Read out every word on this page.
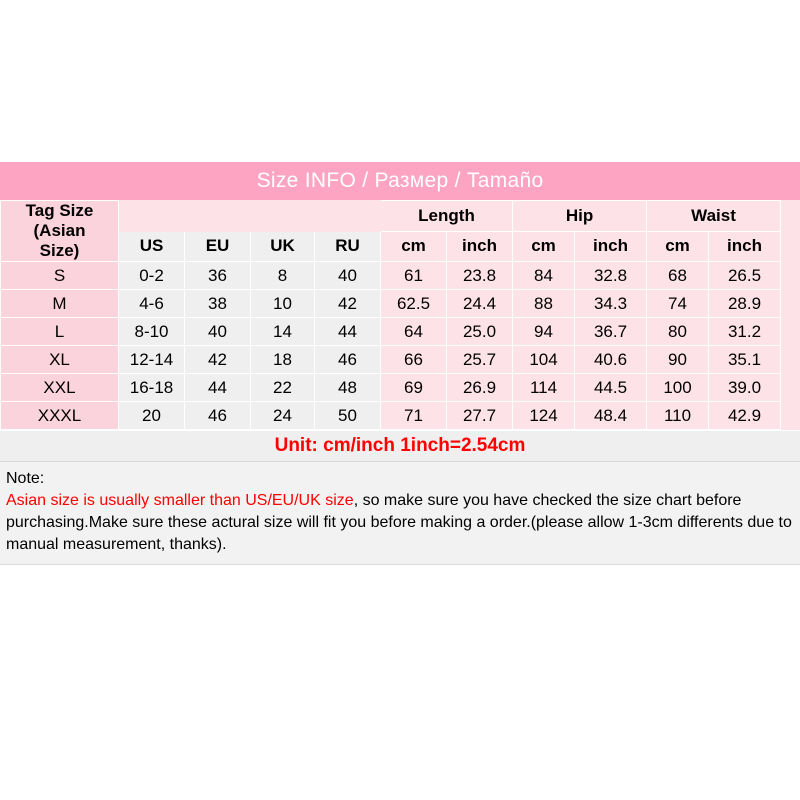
Size INFO / Размер / Tamaño
Tag Size
(Asian
Size)					Length		Hip		Waist		
	US	EU	UK	RU	cm	inch	cm	inch	cm	inch	
S	0-2	36	8	40	61	23.8	84	32.8	68	26.5	
M	4-6	38	10	42	62.5	24.4	88	34.3	74	28.9	
L	8-10	40	14	44	64	25.0	94	36.7	80	31.2	
XL	12-14	42	18	46	66	25.7	104	40.6	90	35.1	
XXL	16-18	44	22	48	69	26.9	114	44.5	100	39.0	
XXXL	20	46	24	50	71	27.7	124	48.4	110	42.9	
Unit: cm/inch 1inch=2.54cm
Note:
Asian size is usually smaller than US/EU/UK size, so make sure you have checked the size chart before purchasing.Make sure these actural size will fit you before making a order.(please allow 1-3cm differents due to manual measurement, thanks).
